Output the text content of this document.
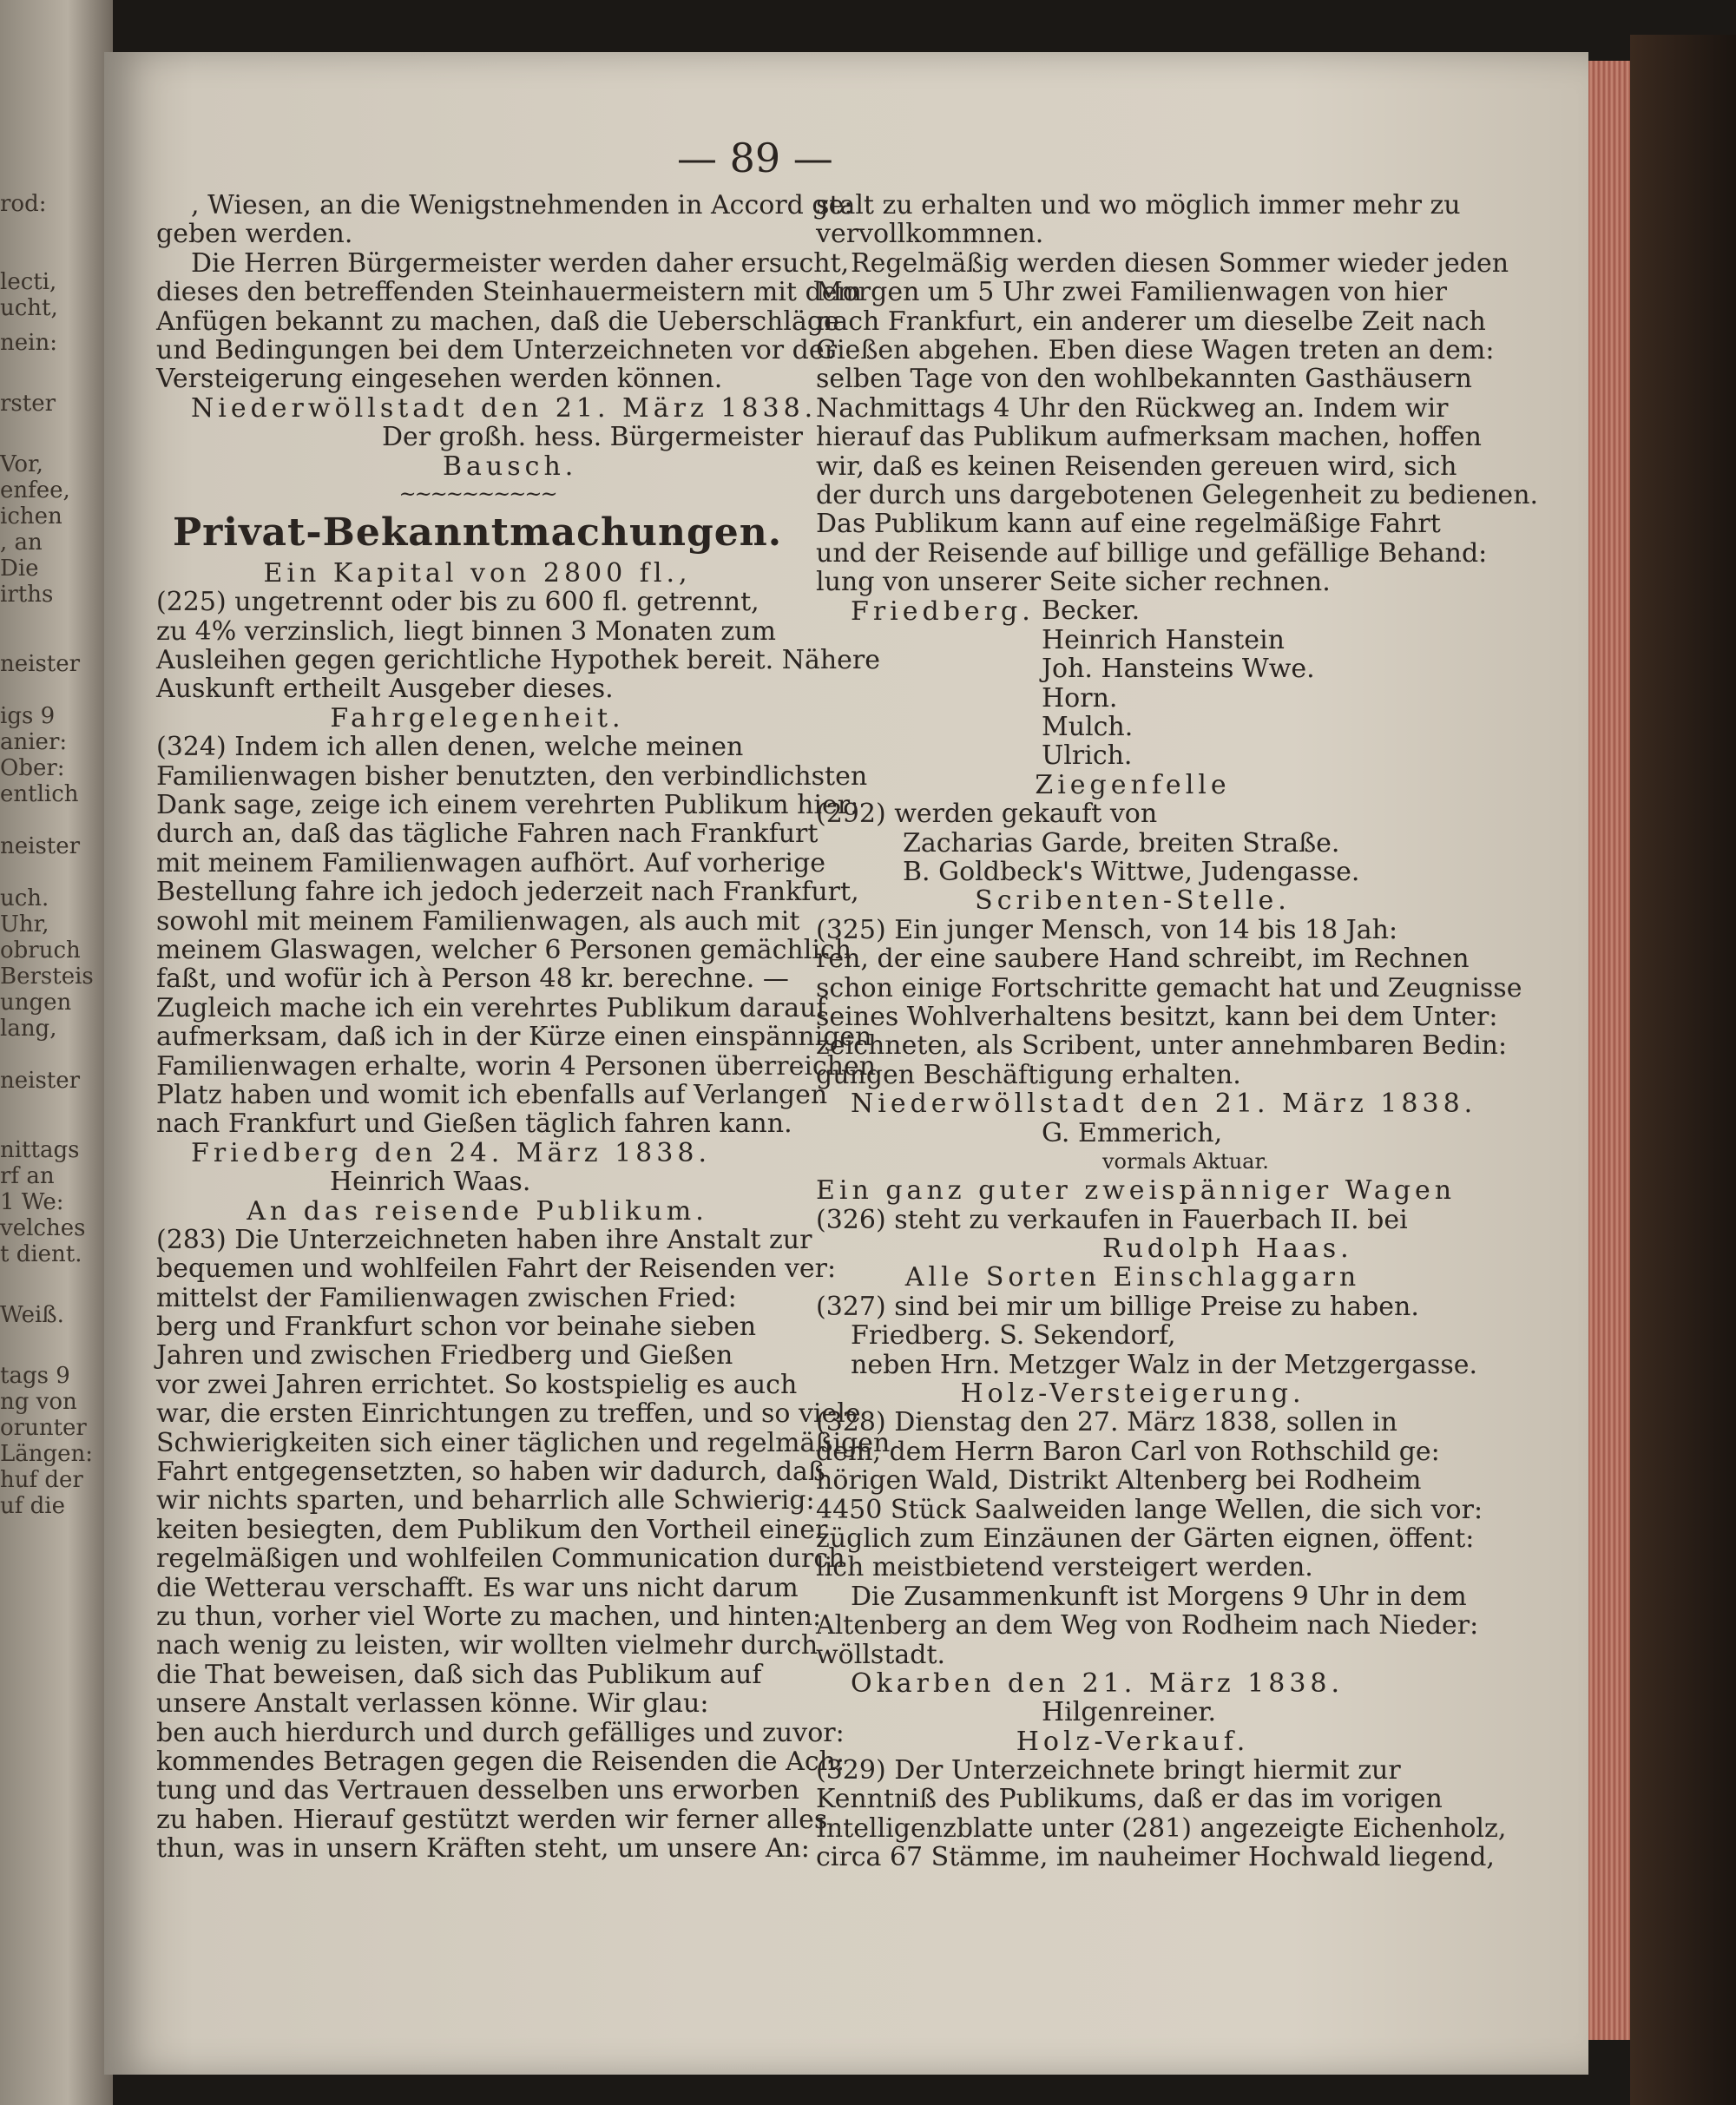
rod:
lecti,
ucht,
nein:
rster
Vor,
enfee,
ichen
, an
Die
irths
neister
igs 9
anier:
Ober:
entlich
neister
uch.
Uhr,
obruch
Bersteis
ungen
lang,
neister
nittags
rf an
1 We:
velches
t dient.
Weiß.
tags 9
ng von
orunter
Längen:
huf der
uf die
— 89 —
, Wiesen, an die Wenigstnehmenden in Accord ge:
geben werden.
Die Herren Bürgermeister werden daher ersucht,
dieses den betreffenden Steinhauermeistern mit dem
Anfügen bekannt zu machen, daß die Ueberschläge
und Bedingungen bei dem Unterzeichneten vor der
Versteigerung eingesehen werden können.
Niederwöllstadt den 21. März 1838.
Der großh. hess. Bürgermeister
Bausch.
~~~~~~~~~~
Privat-Bekanntmachungen.
Ein Kapital von 2800 fl.,
(225) ungetrennt oder bis zu 600 fl. getrennt,
zu 4% verzinslich, liegt binnen 3 Monaten zum
Ausleihen gegen gerichtliche Hypothek bereit. Nähere
Auskunft ertheilt Ausgeber dieses.
Fahrgelegenheit.
(324) Indem ich allen denen, welche meinen
Familienwagen bisher benutzten, den verbindlichsten
Dank sage, zeige ich einem verehrten Publikum hier:
durch an, daß das tägliche Fahren nach Frankfurt
mit meinem Familienwagen aufhört. Auf vorherige
Bestellung fahre ich jedoch jederzeit nach Frankfurt,
sowohl mit meinem Familienwagen, als auch mit
meinem Glaswagen, welcher 6 Personen gemächlich
faßt, und wofür ich à Person 48 kr. berechne. —
Zugleich mache ich ein verehrtes Publikum darauf
aufmerksam, daß ich in der Kürze einen einspännigen
Familienwagen erhalte, worin 4 Personen überreichen
Platz haben und womit ich ebenfalls auf Verlangen
nach Frankfurt und Gießen täglich fahren kann.
Friedberg den 24. März 1838.
Heinrich Waas.
An das reisende Publikum.
(283) Die Unterzeichneten haben ihre Anstalt zur
bequemen und wohlfeilen Fahrt der Reisenden ver:
mittelst der Familienwagen zwischen Fried:
berg und Frankfurt schon vor beinahe sieben
Jahren und zwischen Friedberg und Gießen
vor zwei Jahren errichtet. So kostspielig es auch
war, die ersten Einrichtungen zu treffen, und so viele
Schwierigkeiten sich einer täglichen und regelmäßigen
Fahrt entgegensetzten, so haben wir dadurch, daß
wir nichts sparten, und beharrlich alle Schwierig:
keiten besiegten, dem Publikum den Vortheil einer
regelmäßigen und wohlfeilen Communication durch
die Wetterau verschafft. Es war uns nicht darum
zu thun, vorher viel Worte zu machen, und hinten:
nach wenig zu leisten, wir wollten vielmehr durch
die That beweisen, daß sich das Publikum auf
unsere Anstalt verlassen könne. Wir glau:
ben auch hierdurch und durch gefälliges und zuvor:
kommendes Betragen gegen die Reisenden die Ach:
tung und das Vertrauen desselben uns erworben
zu haben. Hierauf gestützt werden wir ferner alles
thun, was in unsern Kräften steht, um unsere An:
stalt zu erhalten und wo möglich immer mehr zu
vervollkommnen.
Regelmäßig werden diesen Sommer wieder jeden
Morgen um 5 Uhr zwei Familienwagen von hier
nach Frankfurt, ein anderer um dieselbe Zeit nach
Gießen abgehen. Eben diese Wagen treten an dem:
selben Tage von den wohlbekannten Gasthäusern
Nachmittags 4 Uhr den Rückweg an. Indem wir
hierauf das Publikum aufmerksam machen, hoffen
wir, daß es keinen Reisenden gereuen wird, sich
der durch uns dargebotenen Gelegenheit zu bedienen.
Das Publikum kann auf eine regelmäßige Fahrt
und der Reisende auf billige und gefällige Behand:
lung von unserer Seite sicher rechnen.
Friedberg. Becker.
Heinrich Hanstein
Joh. Hansteins Wwe.
Horn.
Mulch.
Ulrich.
Ziegenfelle
(292) werden gekauft von
Zacharias Garde, breiten Straße.
B. Goldbeck's Wittwe, Judengasse.
Scribenten-Stelle.
(325) Ein junger Mensch, von 14 bis 18 Jah:
ren, der eine saubere Hand schreibt, im Rechnen
schon einige Fortschritte gemacht hat und Zeugnisse
seines Wohlverhaltens besitzt, kann bei dem Unter:
zeichneten, als Scribent, unter annehmbaren Bedin:
gungen Beschäftigung erhalten.
Niederwöllstadt den 21. März 1838.
G. Emmerich,
vormals Aktuar.
Ein ganz guter zweispänniger Wagen
(326) steht zu verkaufen in Fauerbach II. bei
Rudolph Haas.
Alle Sorten Einschlaggarn
(327) sind bei mir um billige Preise zu haben.
Friedberg. S. Sekendorf,
neben Hrn. Metzger Walz in der Metzgergasse.
Holz-Versteigerung.
(328) Dienstag den 27. März 1838, sollen in
dem, dem Herrn Baron Carl von Rothschild ge:
hörigen Wald, Distrikt Altenberg bei Rodheim
4450 Stück Saalweiden lange Wellen, die sich vor:
züglich zum Einzäunen der Gärten eignen, öffent:
lich meistbietend versteigert werden.
Die Zusammenkunft ist Morgens 9 Uhr in dem
Altenberg an dem Weg von Rodheim nach Nieder:
wöllstadt.
Okarben den 21. März 1838.
Hilgenreiner.
Holz-Verkauf.
(329) Der Unterzeichnete bringt hiermit zur
Kenntniß des Publikums, daß er das im vorigen
Intelligenzblatte unter (281) angezeigte Eichenholz,
circa 67 Stämme, im nauheimer Hochwald liegend,
